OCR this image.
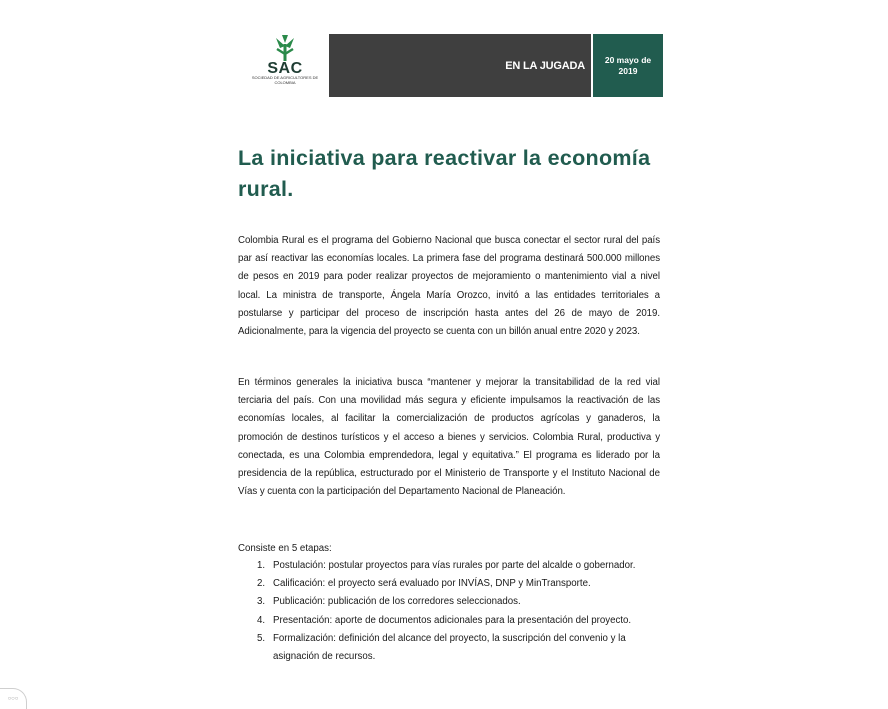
SAC
SOCIEDAD DE AGRICULTORES DE COLOMBIA
EN LA JUGADA	20 mayo de
2019
La iniciativa para reactivar la economía rural.

Colombia Rural es el programa del Gobierno Nacional que busca conectar el sector rural del país par así reactivar las economías locales. La primera fase del programa destinará 500.000 millones de pesos en 2019 para poder realizar proyectos de mejoramiento o mantenimiento vial a nivel local. La ministra de transporte, Ángela María Orozco, invitó a las entidades territoriales a postularse y participar del proceso de inscripción hasta antes del 26 de mayo de 2019. Adicionalmente, para la vigencia del proyecto se cuenta con un billón anual entre 2020 y 2023.

En términos generales la iniciativa busca “mantener y mejorar la transitabilidad de la red vial terciaria del país. Con una movilidad más segura y eficiente impulsamos la reactivación de las economías locales, al facilitar la comercialización de productos agrícolas y ganaderos, la promoción de destinos turísticos y el acceso a bienes y servicios. Colombia Rural, productiva y conectada, es una Colombia emprendedora, legal y equitativa.” El programa es liderado por la presidencia de la república, estructurado por el Ministerio de Transporte y el Instituto Nacional de Vías y cuenta con la participación del Departamento Nacional de Planeación.

Consiste en 5 etapas:
1. Postulación: postular proyectos para vías rurales por parte del alcalde o gobernador.
2. Calificación: el proyecto será evaluado por INVÍAS, DNP y MinTransporte.
3. Publicación: publicación de los corredores seleccionados.
4. Presentación: aporte de documentos adicionales para la presentación del proyecto.
5. Formalización: definición del alcance del proyecto, la suscripción del convenio y la asignación de recursos.
○○○
